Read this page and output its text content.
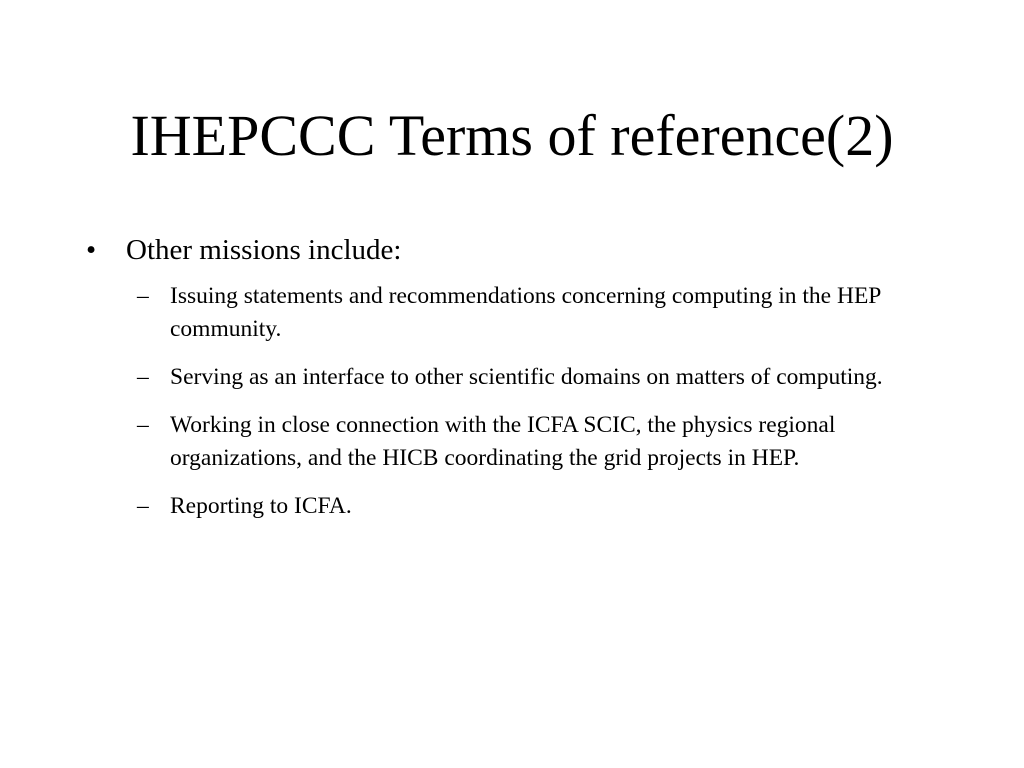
IHEPCCC Terms of reference(2)
• Other missions include:
– Issuing statements and recommendations concerning computing in the HEP community.
– Serving as an interface to other scientific domains on matters of computing.
– Working in close connection with the ICFA SCIC, the physics regional organizations, and the HICB coordinating the grid projects in HEP.
– Reporting to ICFA.
